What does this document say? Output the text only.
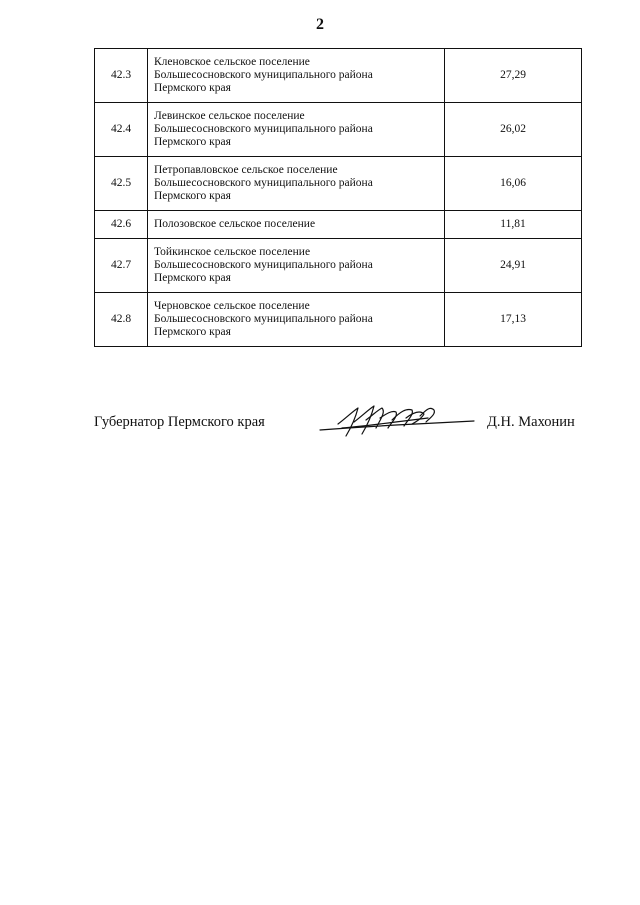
2
42.3	Кленовское сельское поселение
Большесосновского муниципального района
Пермского края	27,29
42.4	Левинское сельское поселение
Большесосновского муниципального района
Пермского края	26,02
42.5	Петропавловское сельское поселение
Большесосновского муниципального района
Пермского края	16,06
42.6	Полозовское сельское поселение	11,81
42.7	Тойкинское сельское поселение
Большесосновского муниципального района
Пермского края	24,91
42.8	Черновское сельское поселение
Большесосновского муниципального района
Пермского края	17,13
Губернатор Пермского края	Д.Н. Махонин
